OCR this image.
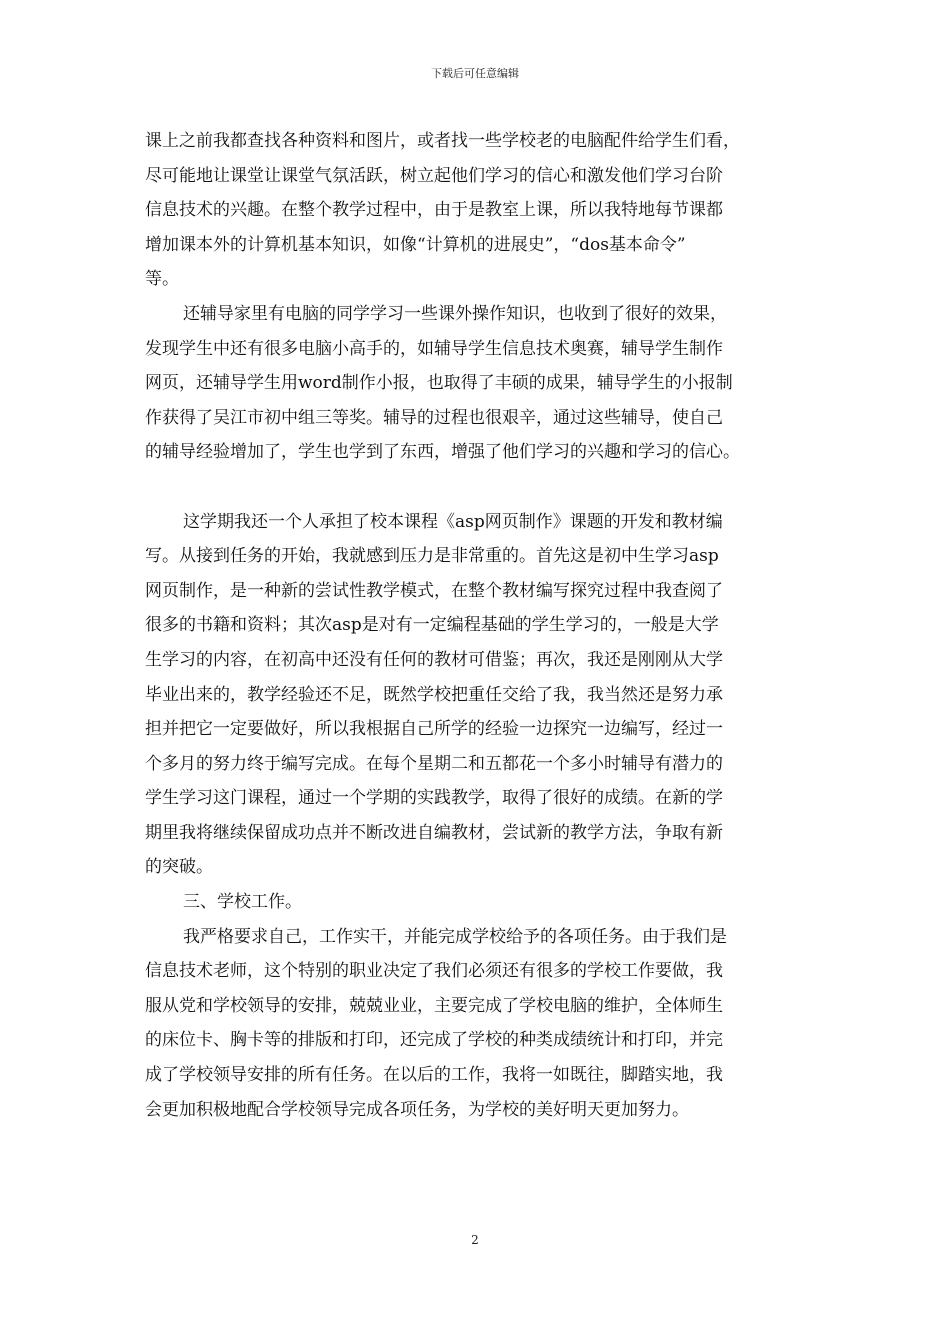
下载后可任意编辑
课上之前我都查找各种资料和图片，或者找一些学校老的电脑配件给学生们看，
尽可能地让课堂让课堂气氛活跃，树立起他们学习的信心和激发他们学习台阶
信息技术的兴趣。在整个教学过程中，由于是教室上课，所以我特地每节课都
增加课本外的计算机基本知识，如像“计算机的进展史”，“dos基本命令”
等。
还辅导家里有电脑的同学学习一些课外操作知识，也收到了很好的效果，
发现学生中还有很多电脑小高手的，如辅导学生信息技术奥赛，辅导学生制作
网页，还辅导学生用word制作小报，也取得了丰硕的成果，辅导学生的小报制
作获得了吴江市初中组三等奖。辅导的过程也很艰辛，通过这些辅导，使自己
的辅导经验增加了，学生也学到了东西，增强了他们学习的兴趣和学习的信心。
这学期我还一个人承担了校本课程《asp网页制作》课题的开发和教材编
写。从接到任务的开始，我就感到压力是非常重的。首先这是初中生学习asp
网页制作，是一种新的尝试性教学模式，在整个教材编写探究过程中我查阅了
很多的书籍和资料；其次asp是对有一定编程基础的学生学习的，一般是大学
生学习的内容，在初高中还没有任何的教材可借鉴；再次，我还是刚刚从大学
毕业出来的，教学经验还不足，既然学校把重任交给了我，我当然还是努力承
担并把它一定要做好，所以我根据自己所学的经验一边探究一边编写，经过一
个多月的努力终于编写完成。在每个星期二和五都花一个多小时辅导有潜力的
学生学习这门课程，通过一个学期的实践教学，取得了很好的成绩。在新的学
期里我将继续保留成功点并不断改进自编教材，尝试新的教学方法，争取有新
的突破。
三、学校工作。
我严格要求自己，工作实干，并能完成学校给予的各项任务。由于我们是
信息技术老师，这个特别的职业决定了我们必须还有很多的学校工作要做，我
服从党和学校领导的安排，兢兢业业，主要完成了学校电脑的维护，全体师生
的床位卡、胸卡等的排版和打印，还完成了学校的种类成绩统计和打印，并完
成了学校领导安排的所有任务。在以后的工作，我将一如既往，脚踏实地，我
会更加积极地配合学校领导完成各项任务，为学校的美好明天更加努力。
2
